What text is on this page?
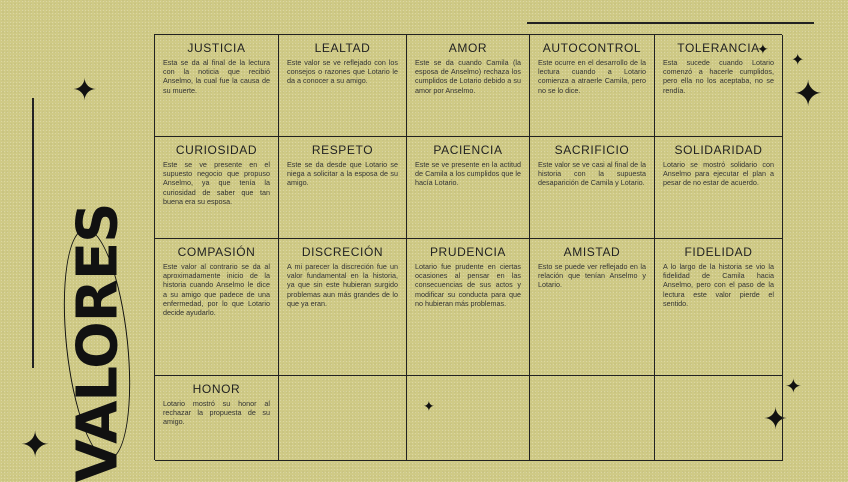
✦
✦
✦ ✦
✦
✦
✦
✦
VALORES
JUSTICIA

Esta se da al final de la lectura con la noticia que recibió Anselmo, la cual fue la causa de su muerte.

LEALTAD

Este valor se ve reflejado con los consejos o razones que Lotario le da a conocer a su amigo.

AMOR

Este se da cuando Camila (la esposa de Anselmo) rechaza los cumplidos de Lotario debido a su amor por Anselmo.

AUTOCONTROL

Este ocurre en el desarrollo de la lectura cuando a Lotario comienza a atraerle Camila, pero no se lo dice.

TOLERANCIA

Esta sucede cuando Lotario comenzó a hacerle cumplidos, pero ella no los aceptaba, no se rendía.

CURIOSIDAD

Este se ve presente en el supuesto negocio que propuso Anselmo, ya que tenía la curiosidad de saber que tan buena era su esposa.

RESPETO

Este se da desde que Lotario se niega a solicitar a la esposa de su amigo.

PACIENCIA

Este se ve presente en la actitud de Camila a los cumplidos que le hacía Lotario.

SACRIFICIO

Este valor se ve casi al final de la historia con la supuesta desaparición de Camila y Lotario.

SOLIDARIDAD

Lotario se mostró solidario con Anselmo para ejecutar el plan a pesar de no estar de acuerdo.

COMPASIÓN

Este valor al contrario se da al aproximadamente inicio de la historia cuando Anselmo le dice a su amigo que padece de una enfermedad, por lo que Lotario decide ayudarlo.

DISCRECIÓN

A mi parecer la discreción fue un valor fundamental en la historia, ya que sin este hubieran surgido problemas aun más grandes de lo que ya eran.

PRUDENCIA

Lotario fue prudente en ciertas ocasiones al pensar en las consecuencias de sus actos y modificar su conducta para que no hubieran más problemas.

AMISTAD

Esto se puede ver reflejado en la relación que tenían Anselmo y Lotario.

FIDELIDAD

A lo largo de la historia se vio la fidelidad de Camila hacia Anselmo, pero con el paso de la lectura este valor pierde el sentido.

HONOR

Lotario mostró su honor al rechazar la propuesta de su amigo.
